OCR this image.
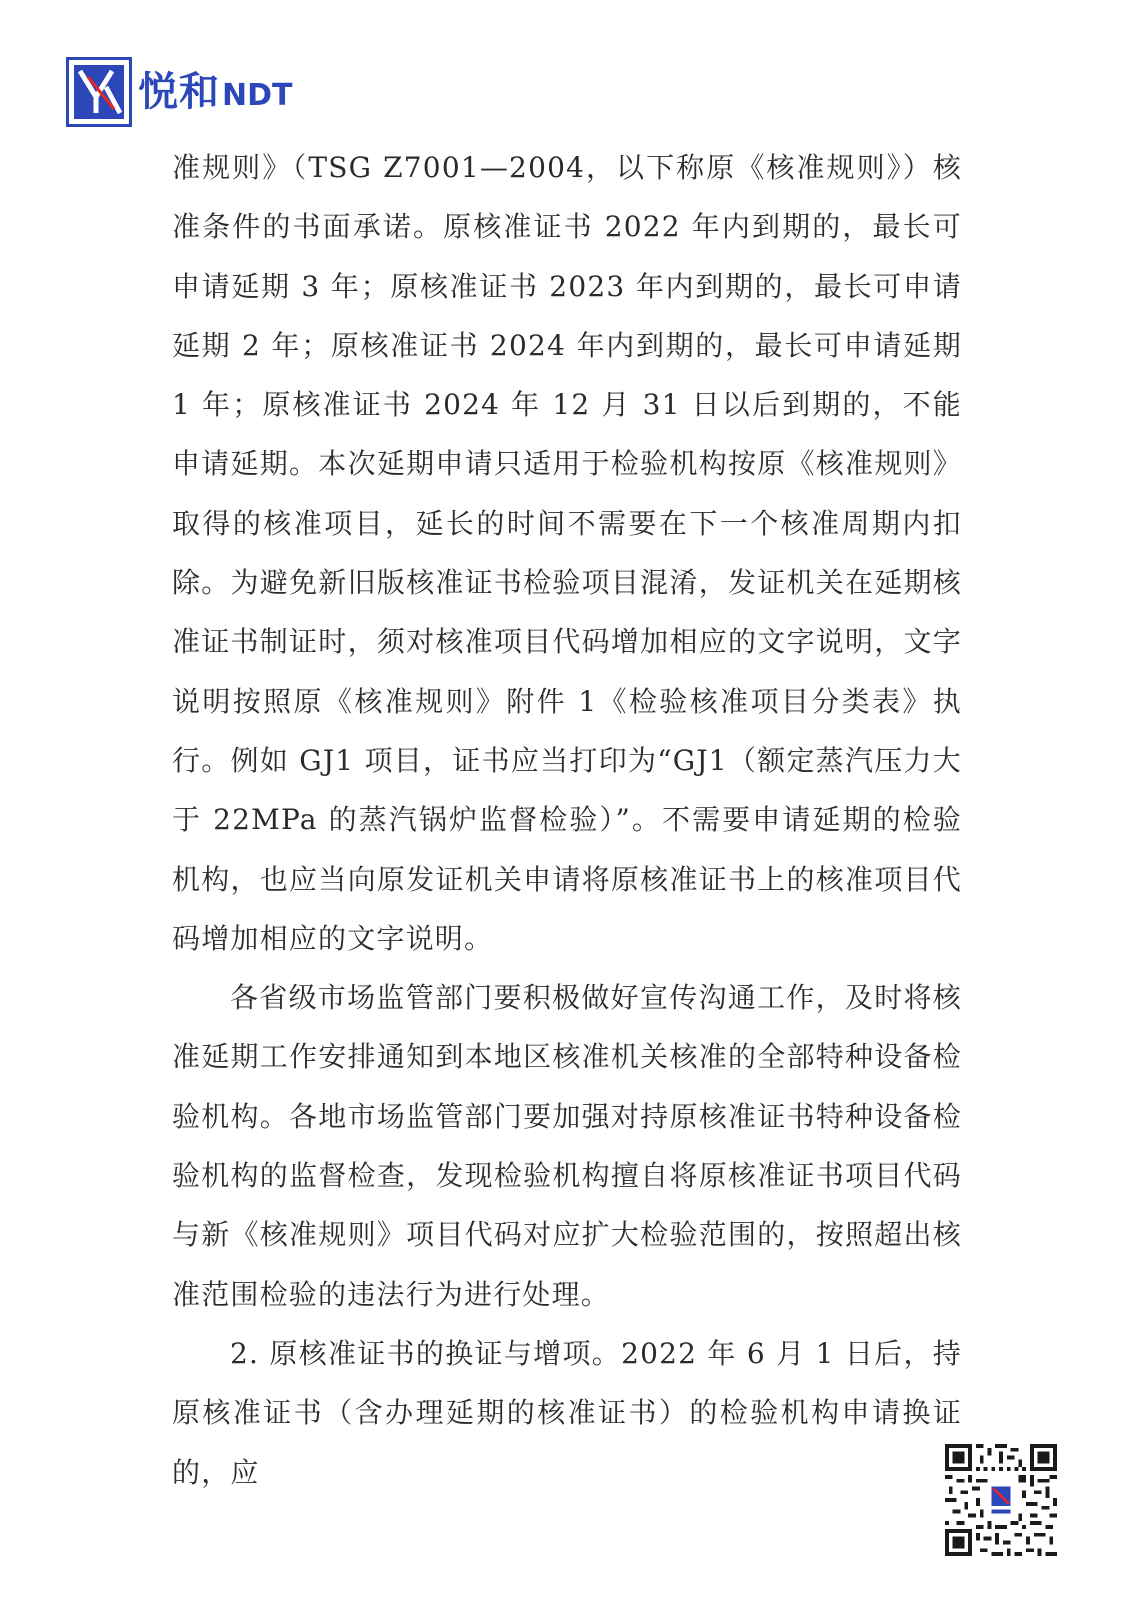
悦和 NDT

准规则》（TSG Z7001—2004，以下称原《核准规则》）核准条件的书面承诺。原核准证书 2022 年内到期的，最长可申请延期 3 年；原核准证书 2023 年内到期的，最长可申请延期 2 年；原核准证书 2024 年内到期的，最长可申请延期 1 年；原核准证书 2024 年 12 月 31 日以后到期的，不能申请延期。本次延期申请只适用于检验机构按原《核准规则》取得的核准项目，延长的时间不需要在下一个核准周期内扣除。为避免新旧版核准证书检验项目混淆，发证机关在延期核准证书制证时，须对核准项目代码增加相应的文字说明，文字说明按照原《核准规则》附件 1《检验核准项目分类表》执行。例如 GJ1 项目，证书应当打印为“GJ1（额定蒸汽压力大于 22MPa 的蒸汽锅炉监督检验）”。不需要申请延期的检验机构，也应当向原发证机关申请将原核准证书上的核准项目代码增加相应的文字说明。

各省级市场监管部门要积极做好宣传沟通工作，及时将核准延期工作安排通知到本地区核准机关核准的全部特种设备检验机构。各地市场监管部门要加强对持原核准证书特种设备检验机构的监督检查，发现检验机构擅自将原核准证书项目代码与新《核准规则》项目代码对应扩大检验范围的，按照超出核准范围检验的违法行为进行处理。

2. 原核准证书的换证与增项。2022 年 6 月 1 日后，持原核准证书（含办理延期的核准证书）的检验机构申请换证的，应
